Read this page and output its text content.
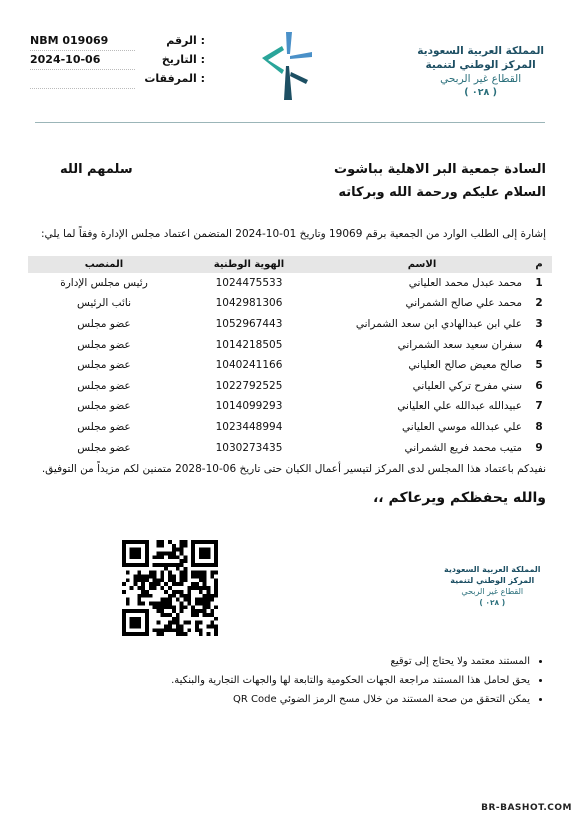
NBM 019069	الرقم :
2024-10-06	التاريخ :
المرفقات :
المملكة العربية السعودية
المركز الوطني لتنمية
القطاع غير الربحي
( ٠٢٨ )
السادة جمعية البر الاهلية بباشوت
سلمهم الله
السلام عليكم ورحمة الله وبركاته
إشارة إلى الطلب الوارد من الجمعية برقم 19069 وتاريخ 01-10-2024 المتضمن اعتماد مجلس الإدارة وفقاً لما يلي:
م	الاسم	الهوية الوطنية	المنصب
1	محمد عبدل محمد العلياني	1024475533	رئيس مجلس الإدارة
2	محمد علي صالح الشمراني	1042981306	نائب الرئيس
3	علي ابن عبدالهادي ابن سعد الشمراني	1052967443	عضو مجلس
4	سفران سعيد سعد الشمراني	1014218505	عضو مجلس
5	صالح معيض صالح العلياني	1040241166	عضو مجلس
6	سني مفرح تركي العلياني	1022792525	عضو مجلس
7	عبيدالله عبدالله علي العلياني	1014099293	عضو مجلس
8	علي عبدالله موسي العلياني	1023448994	عضو مجلس
9	متيب محمد فريع الشمراني	1030273435	عضو مجلس
نفيدكم باعتماد هذا المجلس لدى المركز لتيسير أعمال الكيان حتى تاريخ 06-10-2028 متمنين لكم مزيداً من التوفيق.
والله يحفظكم ويرعاكم ،،
المملكة العربية السعودية
المركز الوطني لتنمية
القطاع غير الربحي
( ٠٢٨ )
• المستند معتمد ولا يحتاج إلى توقيع
• يحق لحامل هذا المستند مراجعة الجهات الحكومية والتابعة لها والجهات التجارية والبنكية.
• يمكن التحقق من صحة المستند من خلال مسح الرمز الضوئي QR Code
BR-BASHOT.COM
